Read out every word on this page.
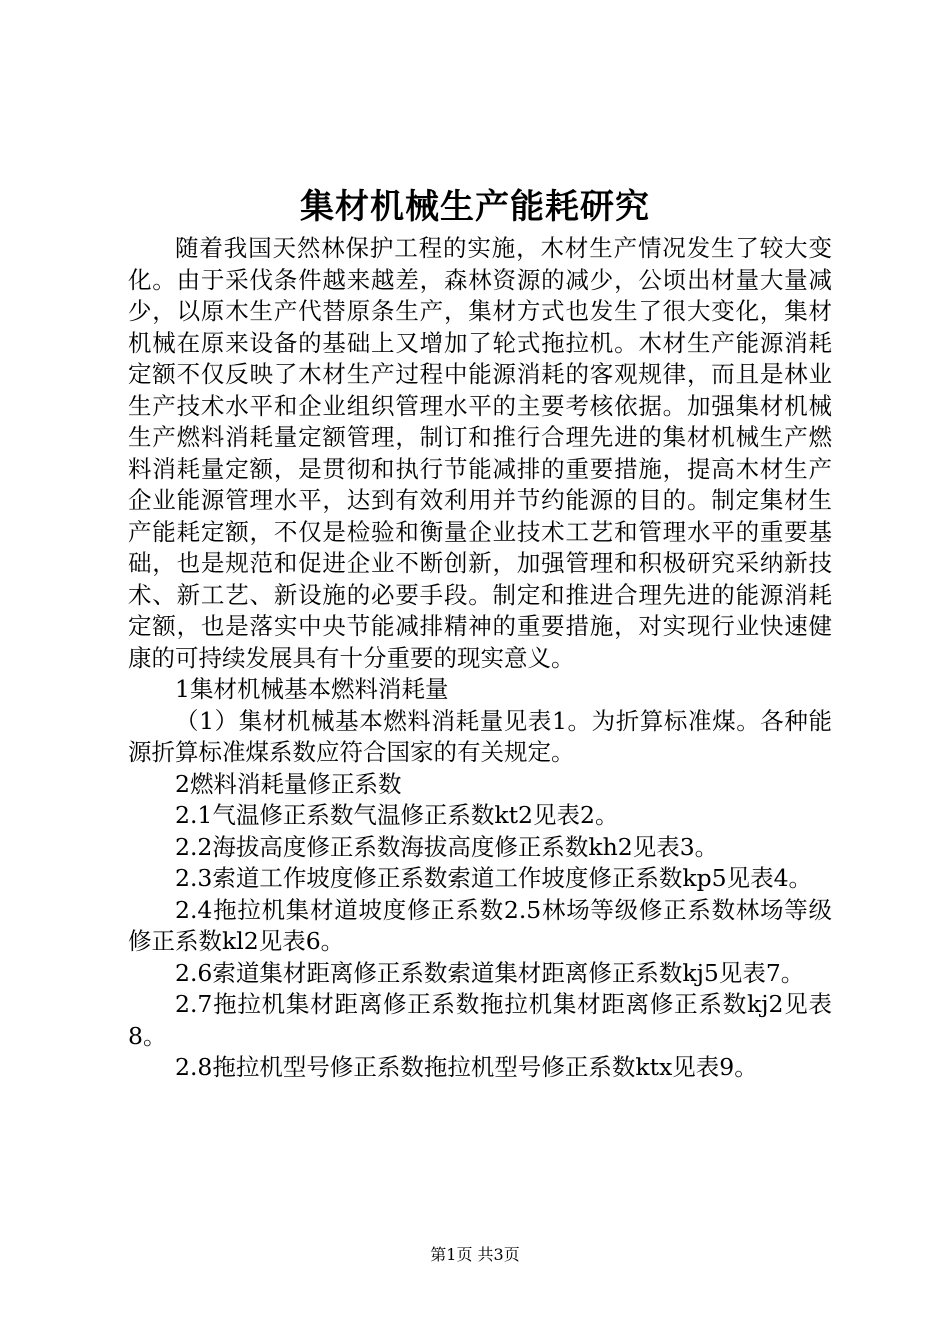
集材机械生产能耗研究

随着我国天然林保护工程的实施，木材生产情况发生了较大变化。由于采伐条件越来越差，森林资源的减少，公顷出材量大量减少，以原木生产代替原条生产，集材方式也发生了很大变化，集材机械在原来设备的基础上又增加了轮式拖拉机。木材生产能源消耗定额不仅反映了木材生产过程中能源消耗的客观规律，而且是林业生产技术水平和企业组织管理水平的主要考核依据。加强集材机械生产燃料消耗量定额管理，制订和推行合理先进的集材机械生产燃料消耗量定额，是贯彻和执行节能减排的重要措施，提高木材生产企业能源管理水平，达到有效利用并节约能源的目的。制定集材生产能耗定额，不仅是检验和衡量企业技术工艺和管理水平的重要基础，也是规范和促进企业不断创新，加强管理和积极研究采纳新技术、新工艺、新设施的必要手段。制定和推进合理先进的能源消耗定额，也是落实中央节能减排精神的重要措施，对实现行业快速健康的可持续发展具有十分重要的现实意义。

1集材机械基本燃料消耗量

（1）集材机械基本燃料消耗量见表1。为折算标准煤。各种能源折算标准煤系数应符合国家的有关规定。

2燃料消耗量修正系数

2.1气温修正系数气温修正系数kt2见表2。

2.2海拔高度修正系数海拔高度修正系数kh2见表3。

2.3索道工作坡度修正系数索道工作坡度修正系数kp5见表4。

2.4拖拉机集材道坡度修正系数2.5林场等级修正系数林场等级修正系数kl2见表6。

2.6索道集材距离修正系数索道集材距离修正系数kj5见表7。

2.7拖拉机集材距离修正系数拖拉机集材距离修正系数kj2见表8。

2.8拖拉机型号修正系数拖拉机型号修正系数ktx见表9。

第1页 共3页
